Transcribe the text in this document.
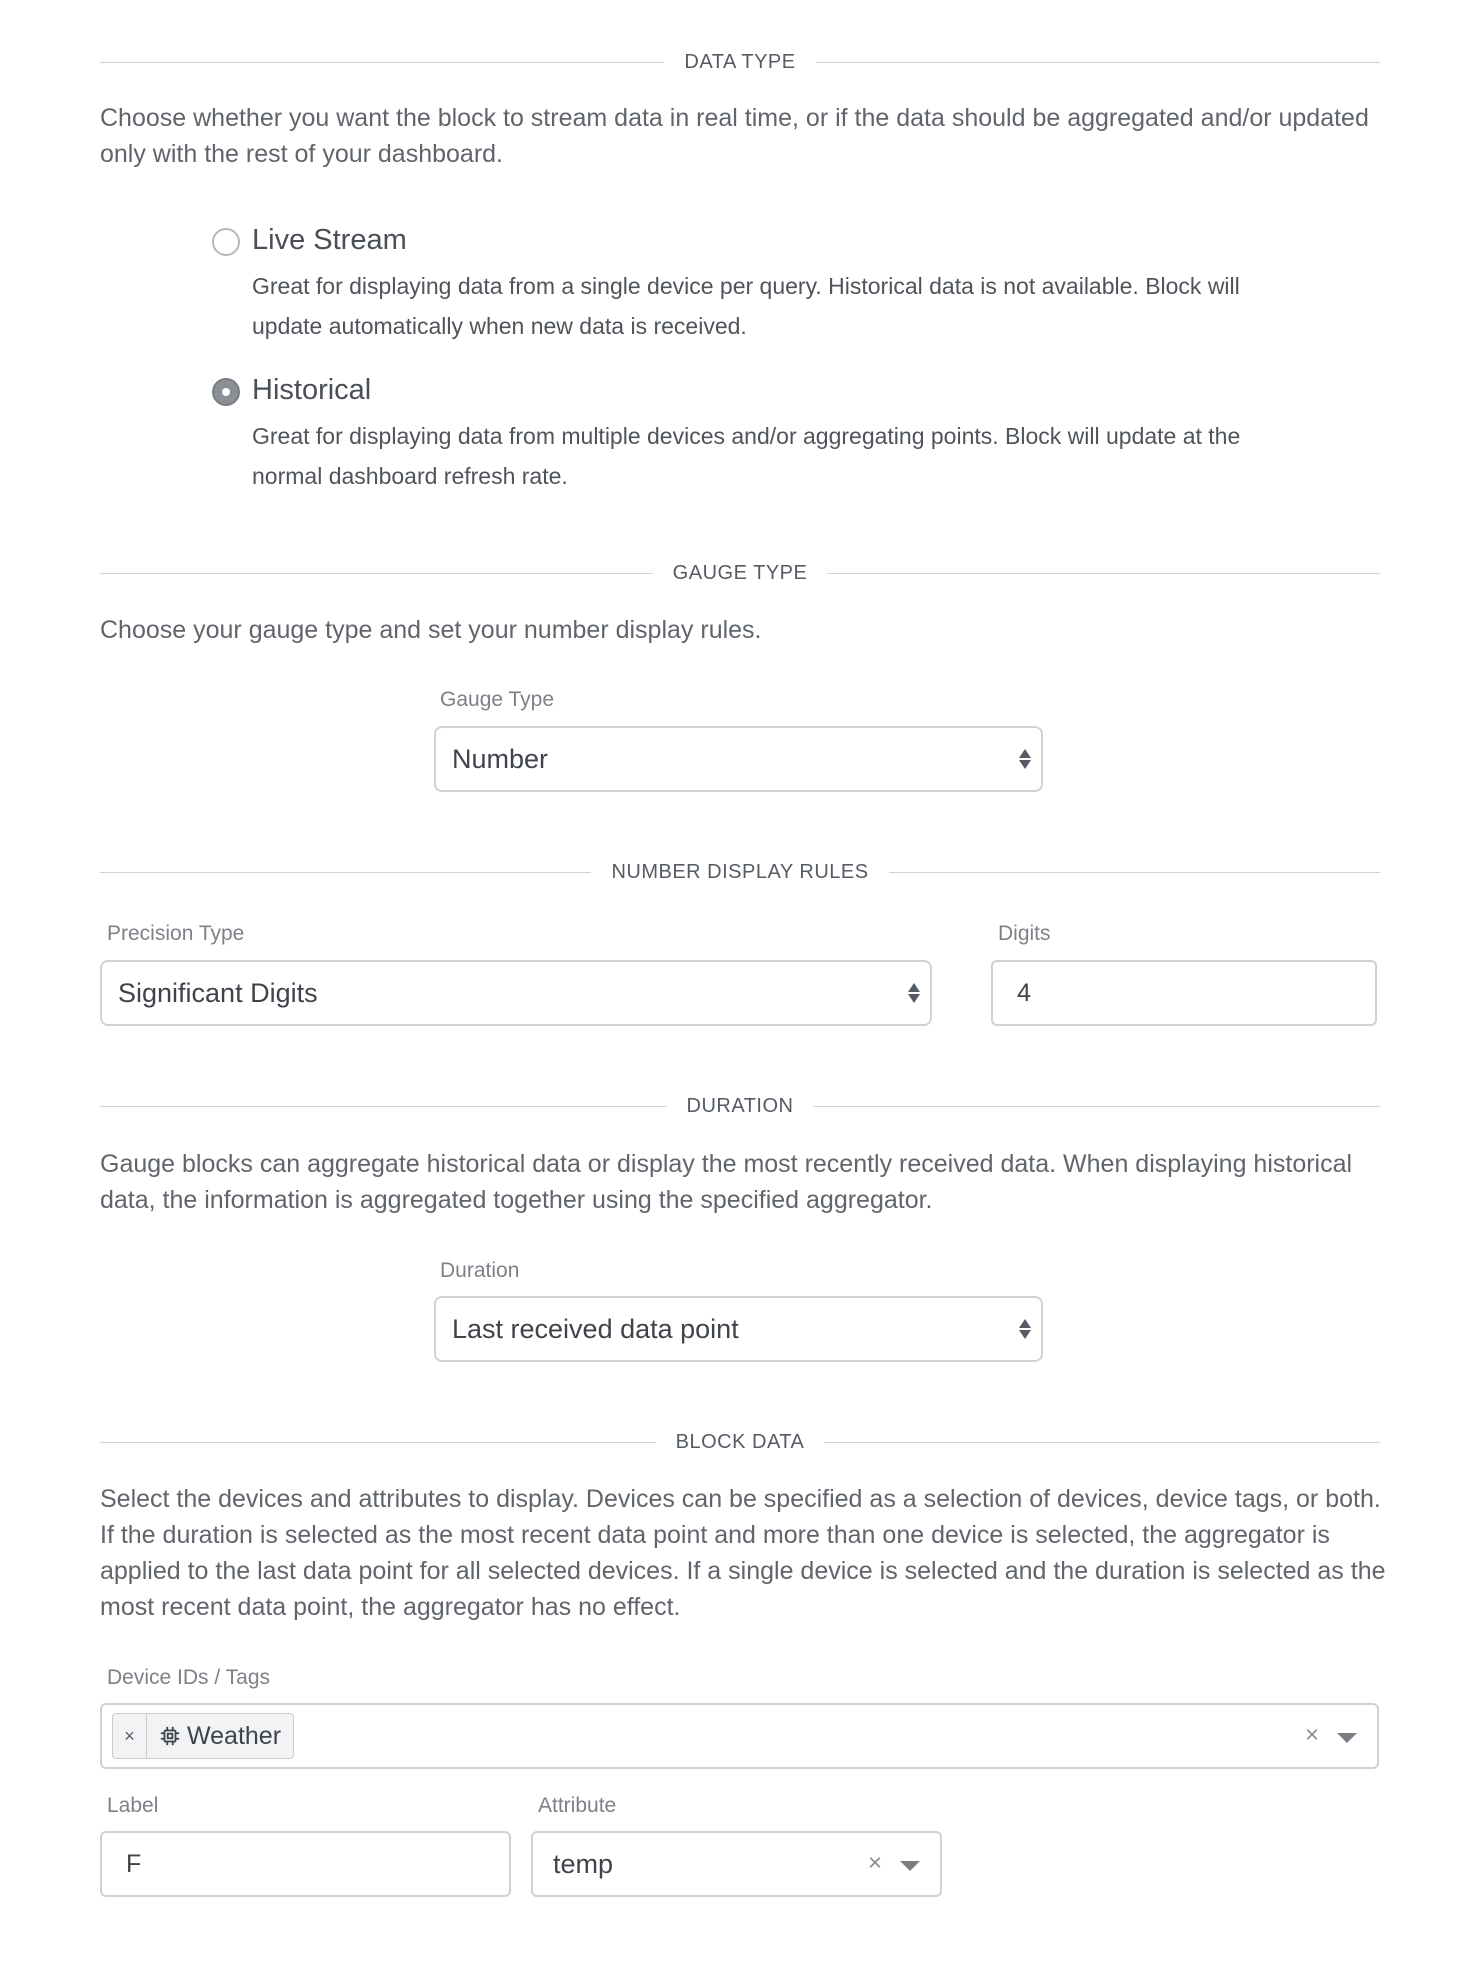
DATA TYPE
Choose whether you want the block to stream data in real time, or if the data should be aggregated and/or updated only with the rest of your dashboard.
Live Stream
Great for displaying data from a single device per query. Historical data is not available. Block will update automatically when new data is received.
Historical
Great for displaying data from multiple devices and/or aggregating points. Block will update at the normal dashboard refresh rate.
GAUGE TYPE
Choose your gauge type and set your number display rules.
Gauge Type
Number
NUMBER DISPLAY RULES
Precision Type
Significant Digits
Digits
4
DURATION
Gauge blocks can aggregate historical data or display the most recently received data. When displaying historical data, the information is aggregated together using the specified aggregator.
Duration
Last received data point
BLOCK DATA
Select the devices and attributes to display. Devices can be specified as a selection of devices, device tags, or both. If the duration is selected as the most recent data point and more than one device is selected, the aggregator is applied to the last data point for all selected devices. If a single device is selected and the duration is selected as the most recent data point, the aggregator has no effect.
Device IDs / Tags
×	Weather	×
Label
F
Attribute
temp	×
